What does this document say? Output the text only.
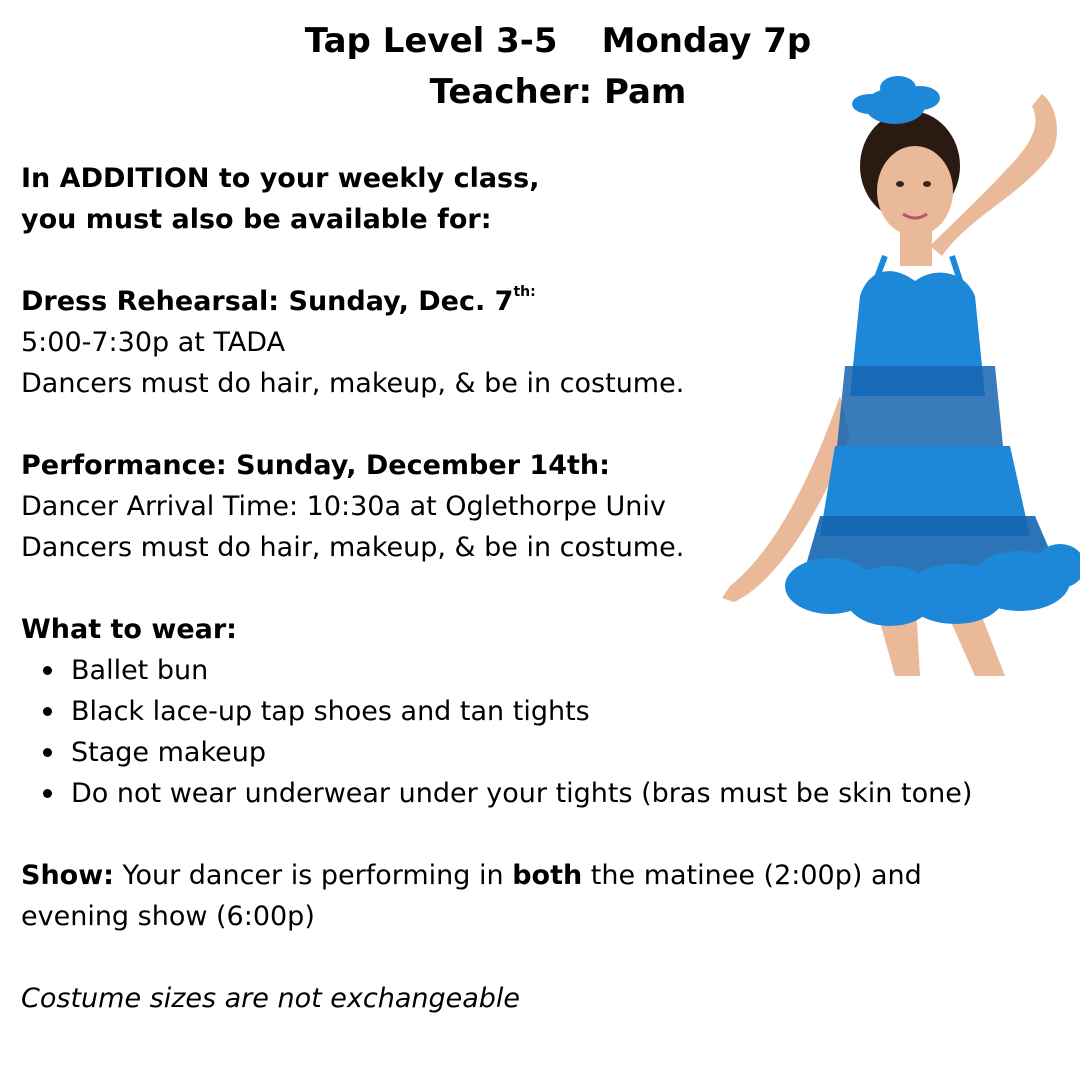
Tap Level 3-5 Monday 7p
Teacher: Pam

In ADDITION to your weekly class,

you must also be available for:

Dress Rehearsal: Sunday, Dec. $7^{th:}$

5:00-7:30p at TADA

Dancers must do hair, makeup, & be in costume.

Performance: Sunday, December 14th:

Dancer Arrival Time: 10:30a at Oglethorpe Univ

Dancers must do hair, makeup, & be in costume.

What to wear:

Ballet bun
Black lace-up tap shoes and tan tights
Stage makeup
Do not wear underwear under your tights (bras must be skin tone)

Show: Your dancer is performing in both the matinee (2:00p) and

evening show (6:00p)

Costume sizes are not exchangeable
